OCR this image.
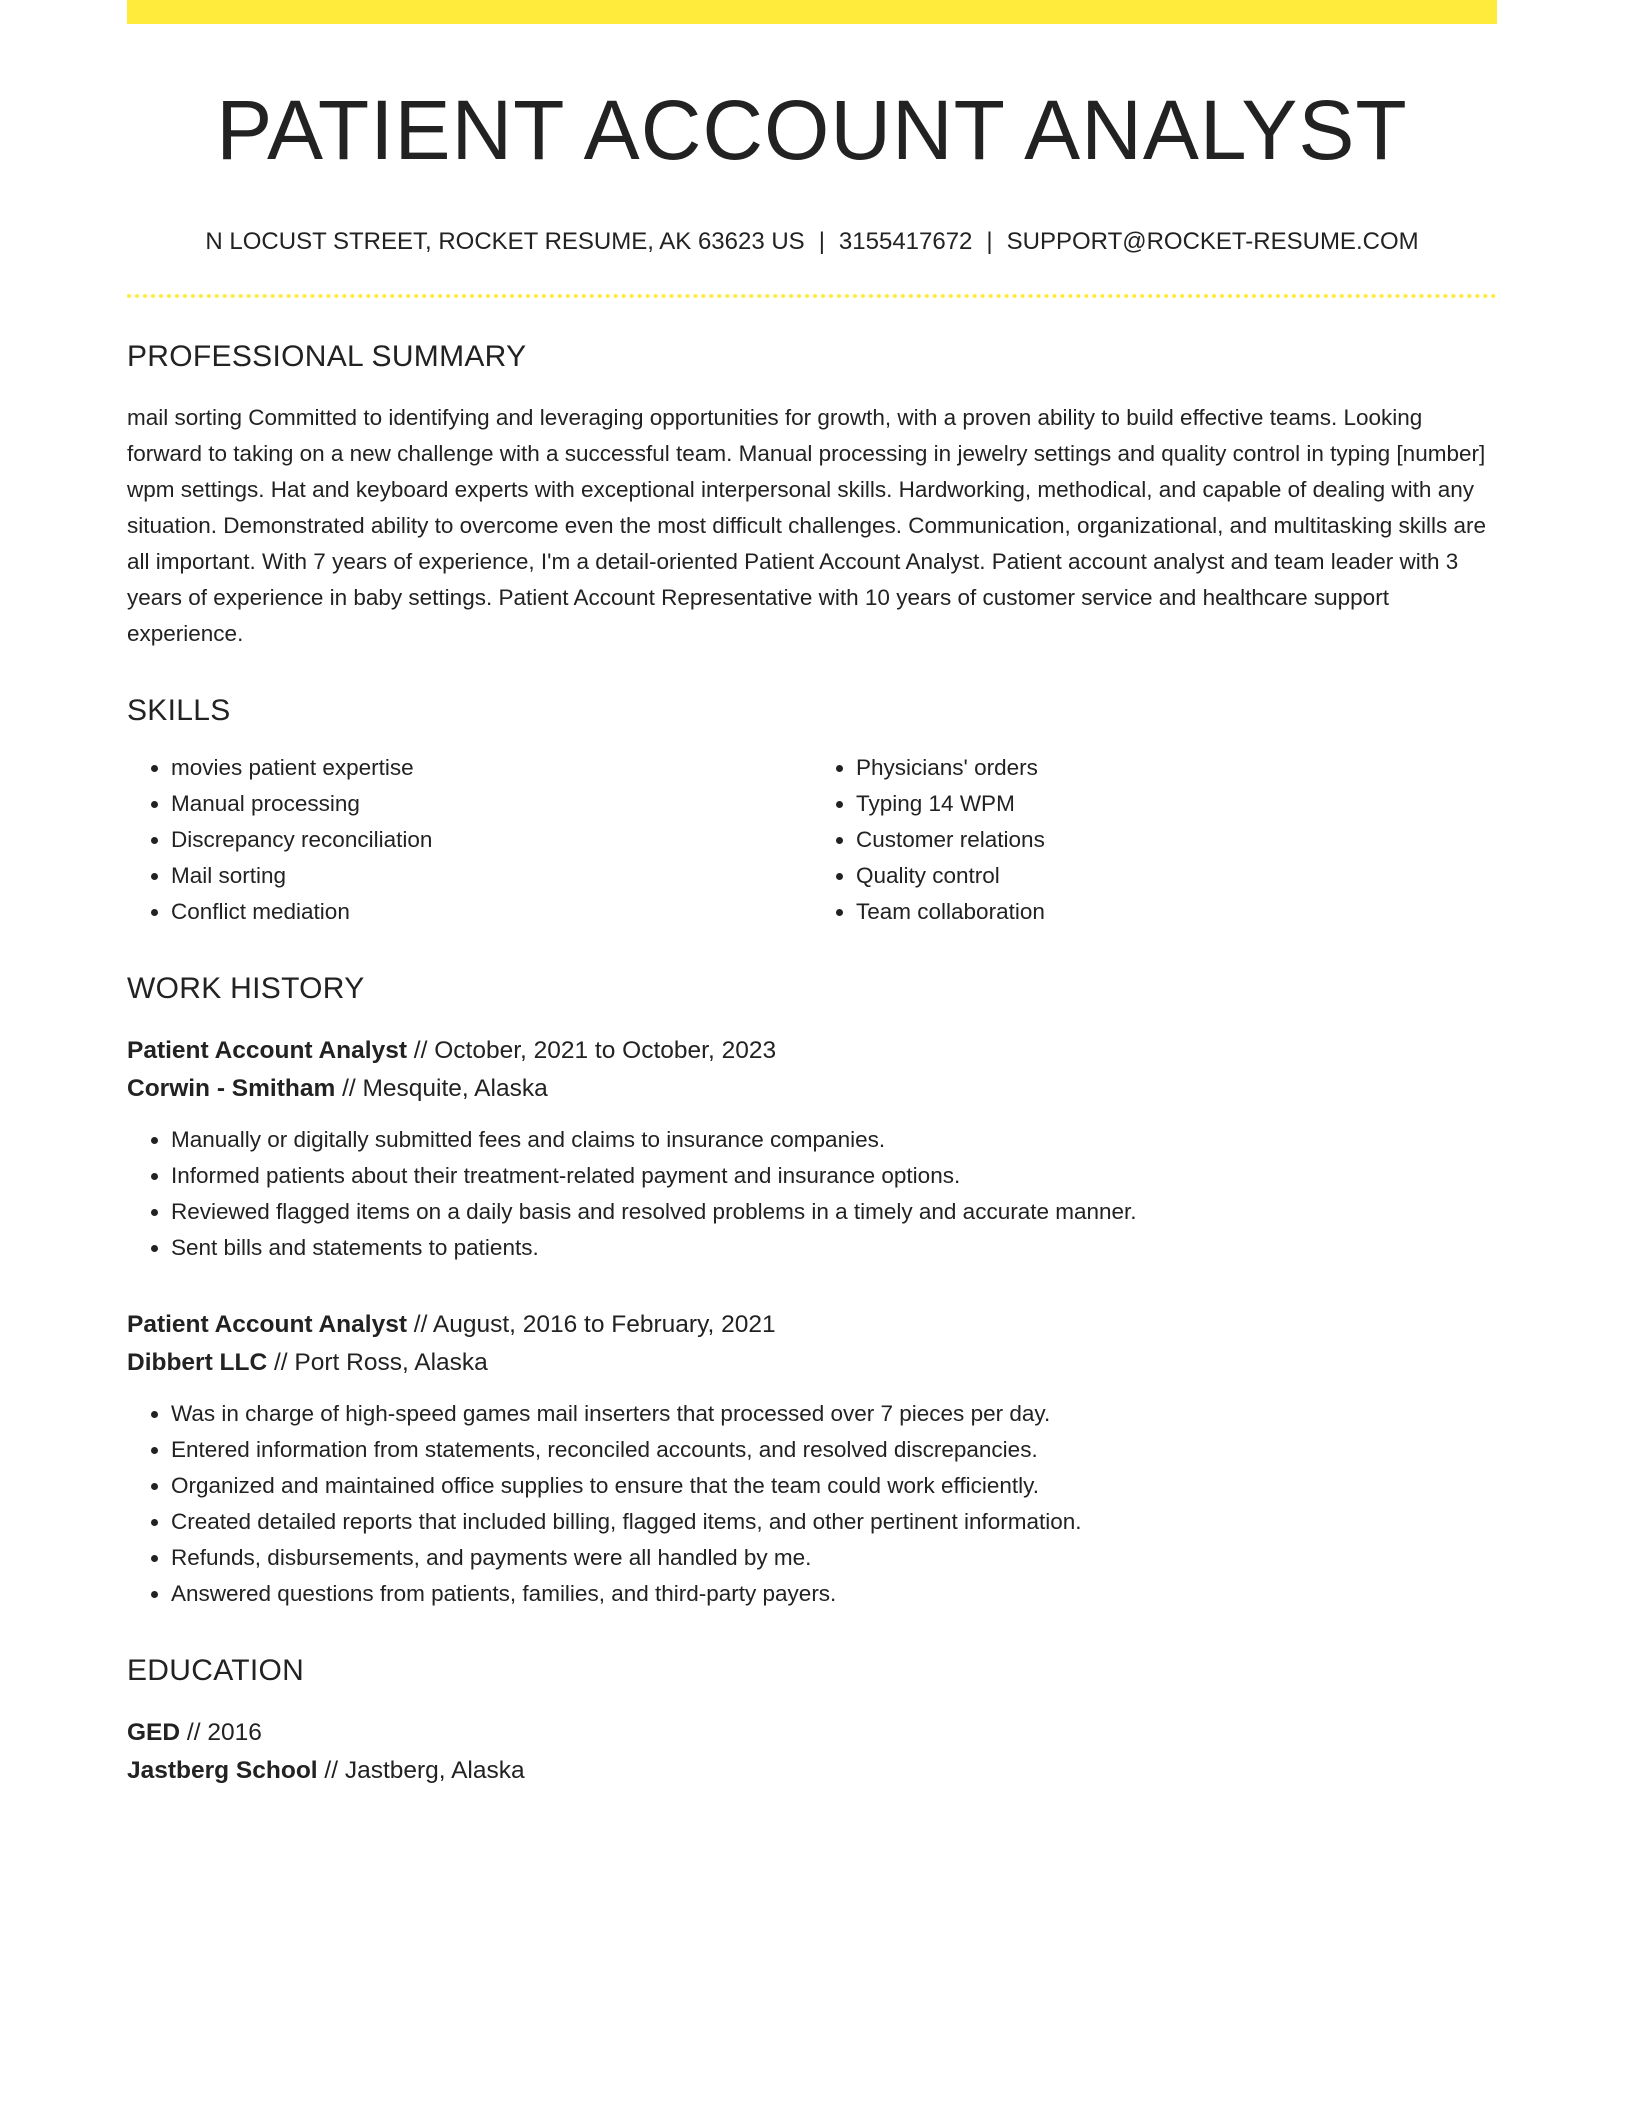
PATIENT ACCOUNT ANALYST
N LOCUST STREET, ROCKET RESUME, AK 63623 US | 3155417672 | SUPPORT@ROCKET-RESUME.COM
PROFESSIONAL SUMMARY
mail sorting Committed to identifying and leveraging opportunities for growth, with a proven ability to build effective teams. Looking forward to taking on a new challenge with a successful team. Manual processing in jewelry settings and quality control in typing [number] wpm settings. Hat and keyboard experts with exceptional interpersonal skills. Hardworking, methodical, and capable of dealing with any situation. Demonstrated ability to overcome even the most difficult challenges. Communication, organizational, and multitasking skills are all important. With 7 years of experience, I'm a detail-oriented Patient Account Analyst. Patient account analyst and team leader with 3 years of experience in baby settings. Patient Account Representative with 10 years of customer service and healthcare support experience.
SKILLS
• movies patient expertise
• Manual processing
• Discrepancy reconciliation
• Mail sorting
• Conflict mediation
• Physicians' orders
• Typing 14 WPM
• Customer relations
• Quality control
• Team collaboration
WORK HISTORY
Patient Account Analyst // October, 2021 to October, 2023
Corwin - Smitham // Mesquite, Alaska
• Manually or digitally submitted fees and claims to insurance companies.
• Informed patients about their treatment-related payment and insurance options.
• Reviewed flagged items on a daily basis and resolved problems in a timely and accurate manner.
• Sent bills and statements to patients.
Patient Account Analyst // August, 2016 to February, 2021
Dibbert LLC // Port Ross, Alaska
• Was in charge of high-speed games mail inserters that processed over 7 pieces per day.
• Entered information from statements, reconciled accounts, and resolved discrepancies.
• Organized and maintained office supplies to ensure that the team could work efficiently.
• Created detailed reports that included billing, flagged items, and other pertinent information.
• Refunds, disbursements, and payments were all handled by me.
• Answered questions from patients, families, and third-party payers.
EDUCATION
GED // 2016
Jastberg School // Jastberg, Alaska
